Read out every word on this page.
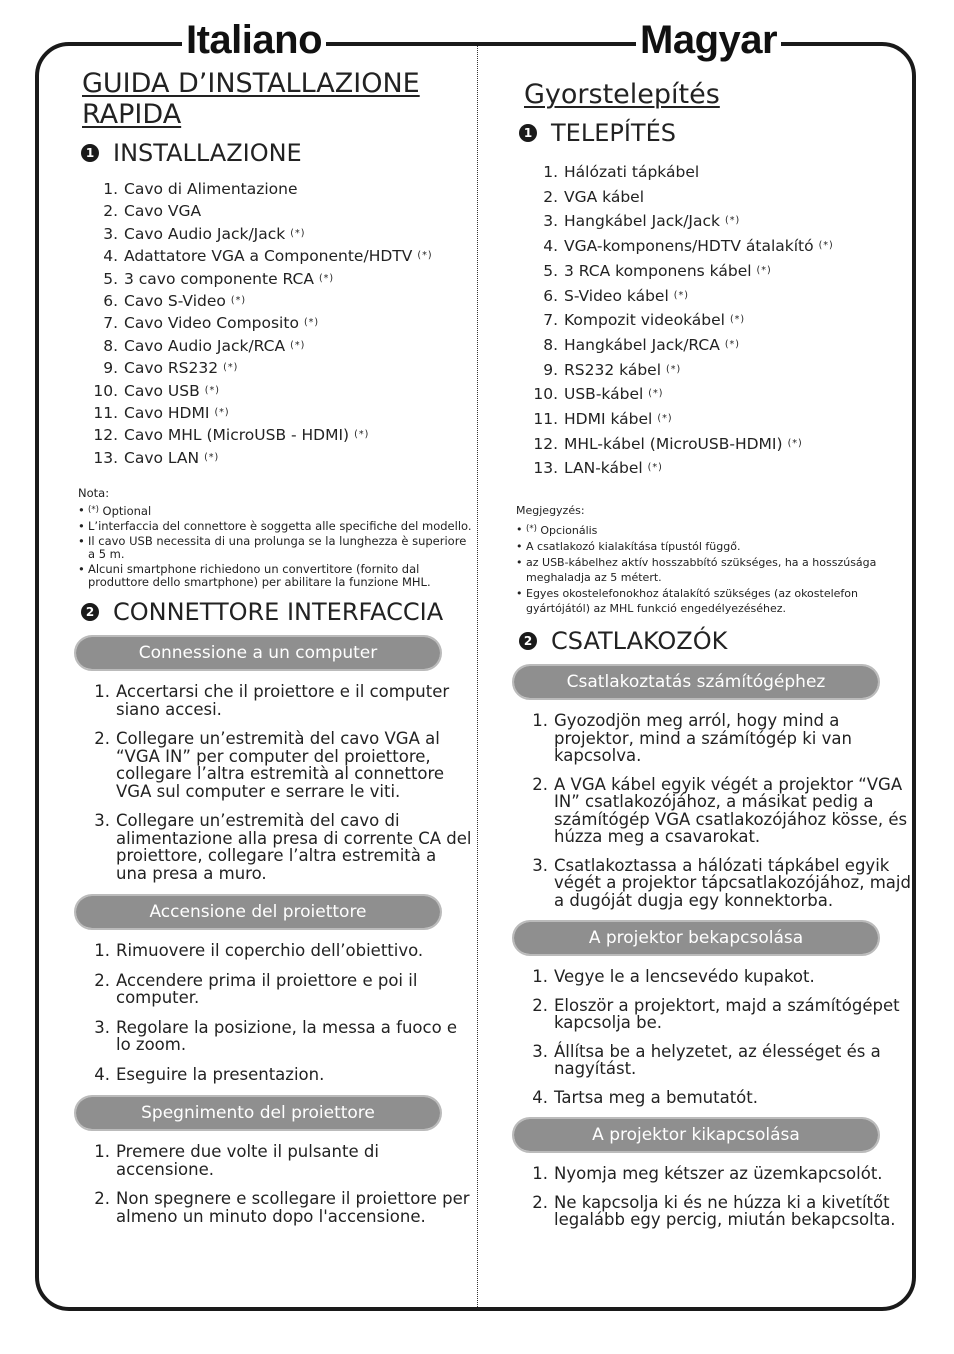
Italiano	Magyar
GUIDA D’INSTALLAZIONE
RAPIDA
1 INSTALLAZIONE
1. Cavo di Alimentazione
2. Cavo VGA
3. Cavo Audio Jack/Jack (*)
4. Adattatore VGA a Componente/HDTV (*)
5. 3 cavo componente RCA (*)
6. Cavo S-Video (*)
7. Cavo Video Composito (*)
8. Cavo Audio Jack/RCA (*)
9. Cavo RS232 (*)
10. Cavo USB (*)
11. Cavo HDMI (*)
12. Cavo MHL (MicroUSB - HDMI) (*)
13. Cavo LAN (*)
Nota:
• (*) Optional
• L’interfaccia del connettore è soggetta alle specifiche del modello.
• Il cavo USB necessita di una prolunga se la lunghezza è superiore a 5 m.
• Alcuni smartphone richiedono un convertitore (fornito dal produttore dello smartphone) per abilitare la funzione MHL.
2 CONNETTORE INTERFACCIA
Connessione a un computer
1. Accertarsi che il proiettore e il computer siano accesi.
2. Collegare un’estremità del cavo VGA al “VGA IN” per computer del proiettore, collegare l’altra estremità al connettore VGA sul computer e serrare le viti.
3. Collegare un’estremità del cavo di alimentazione alla presa di corrente CA del proiettore, collegare l’altra estremità a una presa a muro.
Accensione del proiettore
1. Rimuovere il coperchio dell’obiettivo.
2. Accendere prima il proiettore e poi il computer.
3. Regolare la posizione, la messa a fuoco e lo zoom.
4. Eseguire la presentazion.
Spegnimento del proiettore
1. Premere due volte il pulsante di accensione.
2. Non spegnere e scollegare il proiettore per almeno un minuto dopo l'accensione.
Gyorstelepítés
1 TELEPÍTÉS
1. Hálózati tápkábel
2. VGA kábel
3. Hangkábel Jack/Jack (*)
4. VGA-komponens/HDTV átalakító (*)
5. 3 RCA komponens kábel (*)
6. S-Video kábel (*)
7. Kompozit videokábel (*)
8. Hangkábel Jack/RCA (*)
9. RS232 kábel (*)
10. USB-kábel (*)
11. HDMI kábel (*)
12. MHL-kábel (MicroUSB-HDMI) (*)
13. LAN-kábel (*)
Megjegyzés:
• (*) Opcionális
• A csatlakozó kialakítása típustól függő.
• az USB-kábelhez aktív hosszabbító szükséges, ha a hosszúsága meghaladja az 5 métert.
• Egyes okostelefonokhoz átalakító szükséges (az okostelefon gyártójától) az MHL funkció engedélyezéséhez.
2 CSATLAKOZÓK
Csatlakoztatás számítógéphez
1. Gyozodjön meg arról, hogy mind a projektor, mind a számítógép ki van kapcsolva.
2. A VGA kábel egyik végét a projektor “VGA IN” csatlakozójához, a másikat pedig a számítógép VGA csatlakozójához kösse, és húzza meg a csavarokat.
3. Csatlakoztassa a hálózati tápkábel egyik végét a projektor tápcsatlakozójához, majd a dugóját dugja egy konnektorba.
A projektor bekapcsolása
1. Vegye le a lencsevédo kupakot.
2. Eloször a projektort, majd a számítógépet kapcsolja be.
3. Állítsa be a helyzetet, az élességet és a nagyítást.
4. Tartsa meg a bemutatót.
A projektor kikapcsolása
1. Nyomja meg kétszer az üzemkapcsolót.
2. Ne kapcsolja ki és ne húzza ki a kivetítőt legalább egy percig, miután bekapcsolta.
